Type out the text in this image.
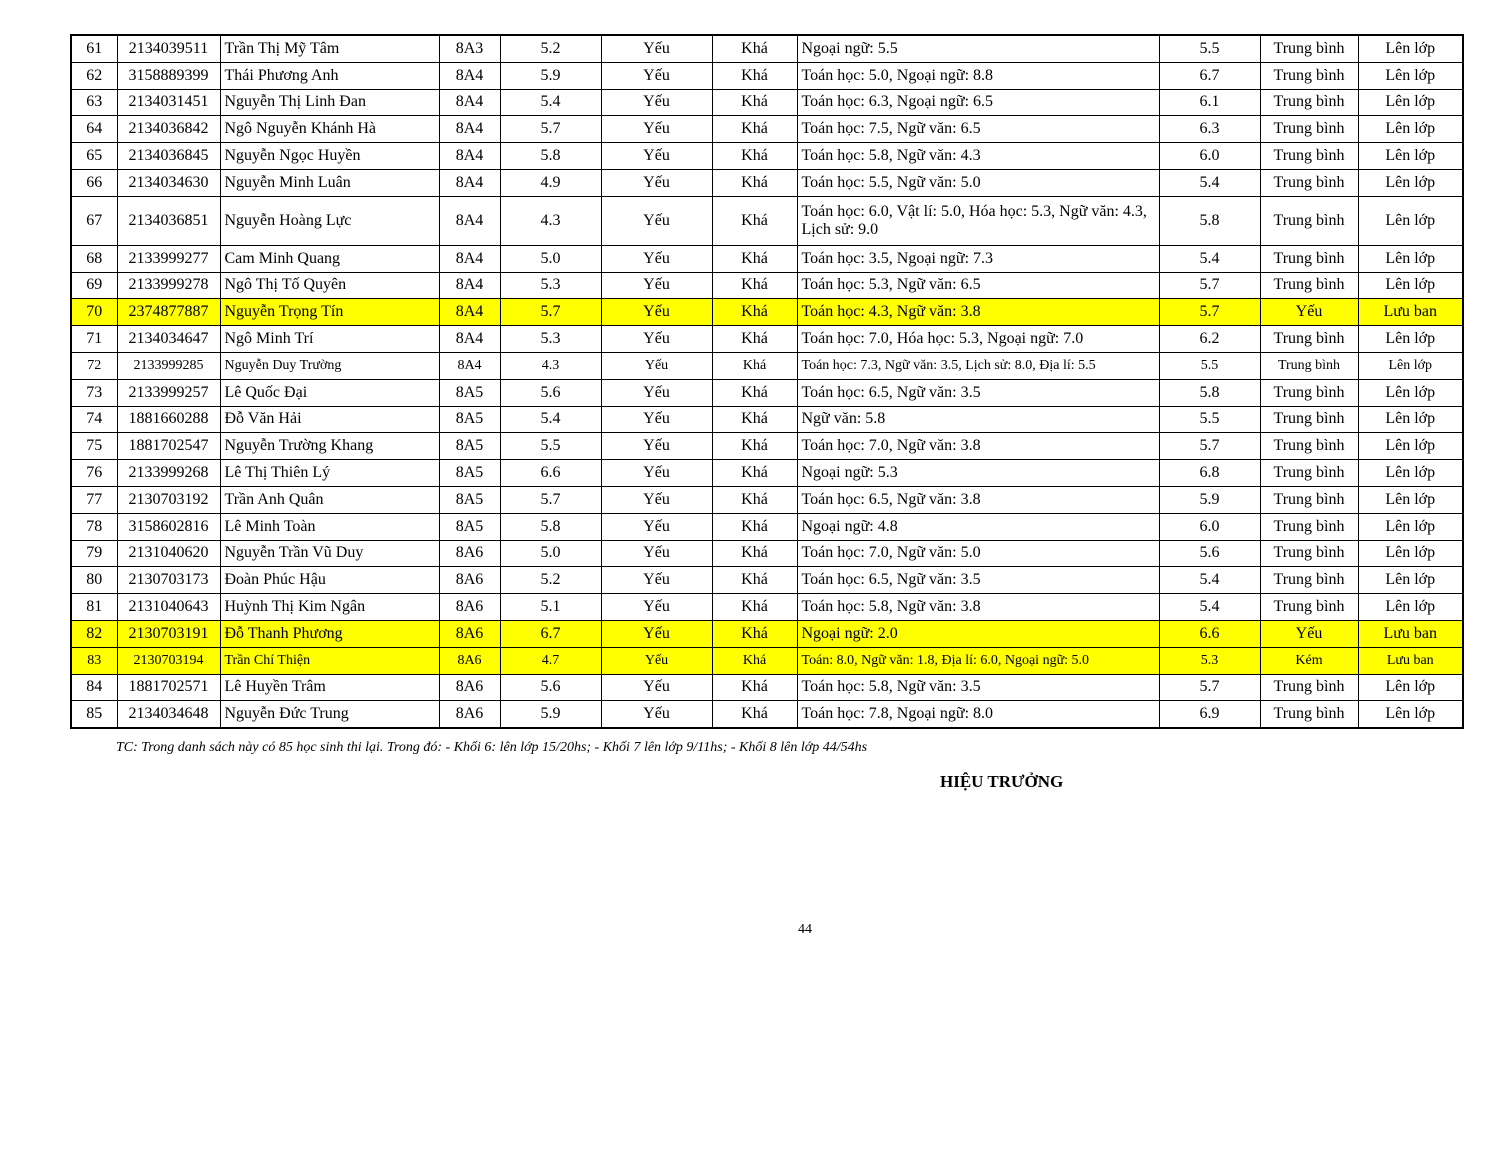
61	2134039511	Trần Thị Mỹ Tâm	8A3	5.2	Yếu	Khá	Ngoại ngữ: 5.5	5.5	Trung bình	Lên lớp
62	3158889399	Thái Phương Anh	8A4	5.9	Yếu	Khá	Toán học: 5.0, Ngoại ngữ: 8.8	6.7	Trung bình	Lên lớp
63	2134031451	Nguyễn Thị Linh Đan	8A4	5.4	Yếu	Khá	Toán học: 6.3, Ngoại ngữ: 6.5	6.1	Trung bình	Lên lớp
64	2134036842	Ngô Nguyễn Khánh Hà	8A4	5.7	Yếu	Khá	Toán học: 7.5, Ngữ văn: 6.5	6.3	Trung bình	Lên lớp
65	2134036845	Nguyễn Ngọc Huyền	8A4	5.8	Yếu	Khá	Toán học: 5.8, Ngữ văn: 4.3	6.0	Trung bình	Lên lớp
66	2134034630	Nguyễn Minh Luân	8A4	4.9	Yếu	Khá	Toán học: 5.5, Ngữ văn: 5.0	5.4	Trung bình	Lên lớp
67	2134036851	Nguyễn Hoàng Lực	8A4	4.3	Yếu	Khá	Toán học: 6.0, Vật lí: 5.0, Hóa học: 5.3, Ngữ văn: 4.3, Lịch sử: 9.0	5.8	Trung bình	Lên lớp
68	2133999277	Cam Minh Quang	8A4	5.0	Yếu	Khá	Toán học: 3.5, Ngoại ngữ: 7.3	5.4	Trung bình	Lên lớp
69	2133999278	Ngô Thị Tố Quyên	8A4	5.3	Yếu	Khá	Toán học: 5.3, Ngữ văn: 6.5	5.7	Trung bình	Lên lớp
70	2374877887	Nguyễn Trọng Tín	8A4	5.7	Yếu	Khá	Toán học: 4.3, Ngữ văn: 3.8	5.7	Yếu	Lưu ban
71	2134034647	Ngô Minh Trí	8A4	5.3	Yếu	Khá	Toán học: 7.0, Hóa học: 5.3, Ngoại ngữ: 7.0	6.2	Trung bình	Lên lớp
72	2133999285	Nguyễn Duy Trường	8A4	4.3	Yếu	Khá	Toán học: 7.3, Ngữ văn: 3.5, Lịch sử: 8.0, Địa lí: 5.5	5.5	Trung bình	Lên lớp
73	2133999257	Lê Quốc Đại	8A5	5.6	Yếu	Khá	Toán học: 6.5, Ngữ văn: 3.5	5.8	Trung bình	Lên lớp
74	1881660288	Đỗ Văn Hải	8A5	5.4	Yếu	Khá	Ngữ văn: 5.8	5.5	Trung bình	Lên lớp
75	1881702547	Nguyễn Trường Khang	8A5	5.5	Yếu	Khá	Toán học: 7.0, Ngữ văn: 3.8	5.7	Trung bình	Lên lớp
76	2133999268	Lê Thị Thiên Lý	8A5	6.6	Yếu	Khá	Ngoại ngữ: 5.3	6.8	Trung bình	Lên lớp
77	2130703192	Trần Anh Quân	8A5	5.7	Yếu	Khá	Toán học: 6.5, Ngữ văn: 3.8	5.9	Trung bình	Lên lớp
78	3158602816	Lê Minh Toàn	8A5	5.8	Yếu	Khá	Ngoại ngữ: 4.8	6.0	Trung bình	Lên lớp
79	2131040620	Nguyễn Trần Vũ Duy	8A6	5.0	Yếu	Khá	Toán học: 7.0, Ngữ văn: 5.0	5.6	Trung bình	Lên lớp
80	2130703173	Đoàn Phúc Hậu	8A6	5.2	Yếu	Khá	Toán học: 6.5, Ngữ văn: 3.5	5.4	Trung bình	Lên lớp
81	2131040643	Huỳnh Thị Kim Ngân	8A6	5.1	Yếu	Khá	Toán học: 5.8, Ngữ văn: 3.8	5.4	Trung bình	Lên lớp
82	2130703191	Đỗ Thanh Phương	8A6	6.7	Yếu	Khá	Ngoại ngữ: 2.0	6.6	Yếu	Lưu ban
83	2130703194	Trần Chí Thiện	8A6	4.7	Yếu	Khá	Toán: 8.0, Ngữ văn: 1.8, Địa lí: 6.0, Ngoại ngữ: 5.0	5.3	Kém	Lưu ban
84	1881702571	Lê Huyền Trâm	8A6	5.6	Yếu	Khá	Toán học: 5.8, Ngữ văn: 3.5	5.7	Trung bình	Lên lớp
85	2134034648	Nguyễn Đức Trung	8A6	5.9	Yếu	Khá	Toán học: 7.8, Ngoại ngữ: 8.0	6.9	Trung bình	Lên lớp
TC: Trong danh sách này có 85 học sinh thi lại. Trong đó: - Khối 6: lên lớp 15/20hs; - Khối 7 lên lớp 9/11hs; - Khối 8 lên lớp 44/54hs
HIỆU TRƯỞNG
44
